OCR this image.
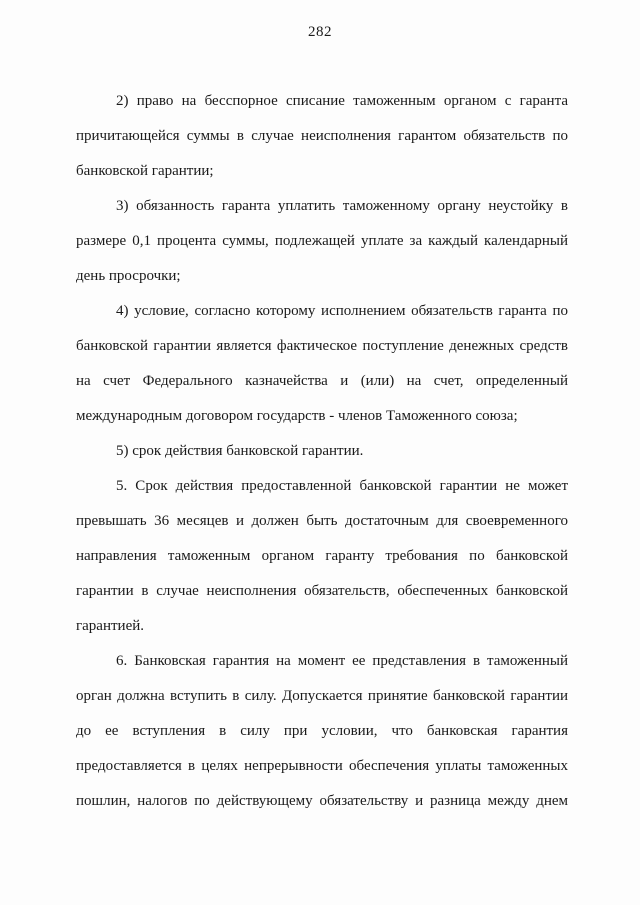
282

2) право на бесспорное списание таможенным органом с гаранта
причитающейся суммы в случае неисполнения гарантом обязательств по
банковской гарантии;

3) обязанность гаранта уплатить таможенному органу неустойку в
размере 0,1 процента суммы, подлежащей уплате за каждый календарный
день просрочки;

4) условие, согласно которому исполнением обязательств гаранта по
банковской гарантии является фактическое поступление денежных средств
на счет Федерального казначейства и (или) на счет, определенный
международным договором государств - членов Таможенного союза;

5) срок действия банковской гарантии.

5. Срок действия предоставленной банковской гарантии не может
превышать 36 месяцев и должен быть достаточным для своевременного
направления таможенным органом гаранту требования по банковской
гарантии в случае неисполнения обязательств, обеспеченных банковской
гарантией.

6. Банковская гарантия на момент ее представления в таможенный
орган должна вступить в силу. Допускается принятие банковской гарантии
до ее вступления в силу при условии, что банковская гарантия
предоставляется в целях непрерывности обеспечения уплаты таможенных
пошлин, налогов по действующему обязательству и разница между днем
